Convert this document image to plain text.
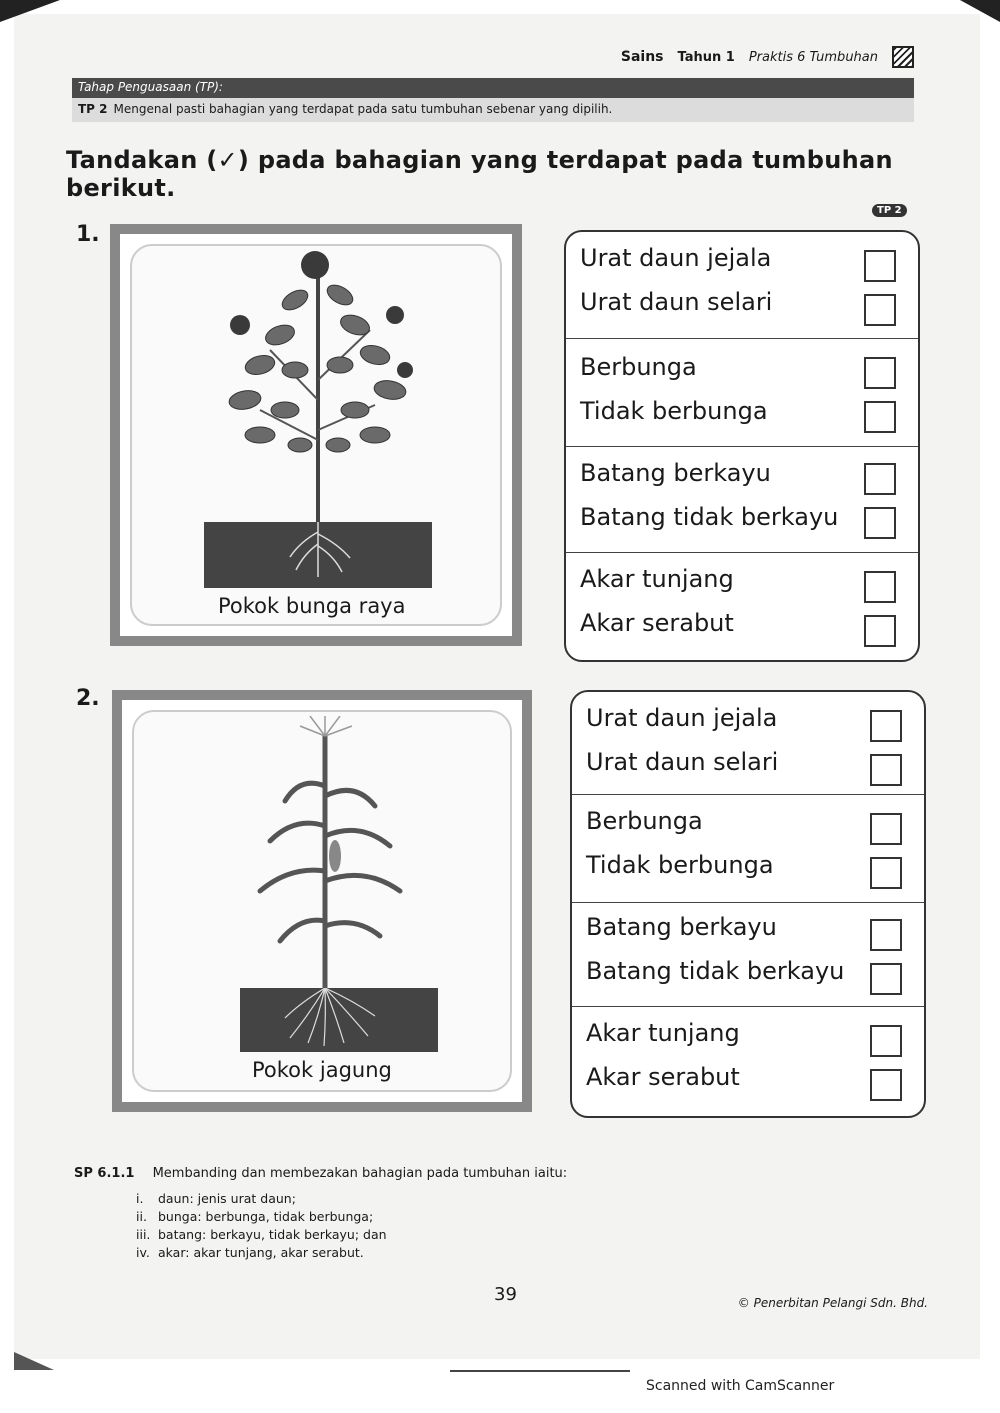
Sains Tahun 1 Praktis 6 Tumbuhan
Tahap Penguasaan (TP):
TP 2 Mengenal pasti bahagian yang terdapat pada satu tumbuhan sebenar yang dipilih.
Tandakan (✓) pada bahagian yang terdapat pada tumbuhan berikut.
TP 2
1.
Pokok bunga raya
Urat daun jejala
Urat daun selari
Berbunga
Tidak berbunga
Batang berkayu
Batang tidak berkayu
Akar tunjang
Akar serabut
2.
Pokok jagung
Urat daun jejala
Urat daun selari
Berbunga
Tidak berbunga
Batang berkayu
Batang tidak berkayu
Akar tunjang
Akar serabut
SP 6.1.1 Membanding dan membezakan bahagian pada tumbuhan iaitu:
i. daun: jenis urat daun;
ii. bunga: berbunga, tidak berbunga;
iii. batang: berkayu, tidak berkayu; dan
iv. akar: akar tunjang, akar serabut.
39	© Penerbitan Pelangi Sdn. Bhd.
Scanned with CamScanner
